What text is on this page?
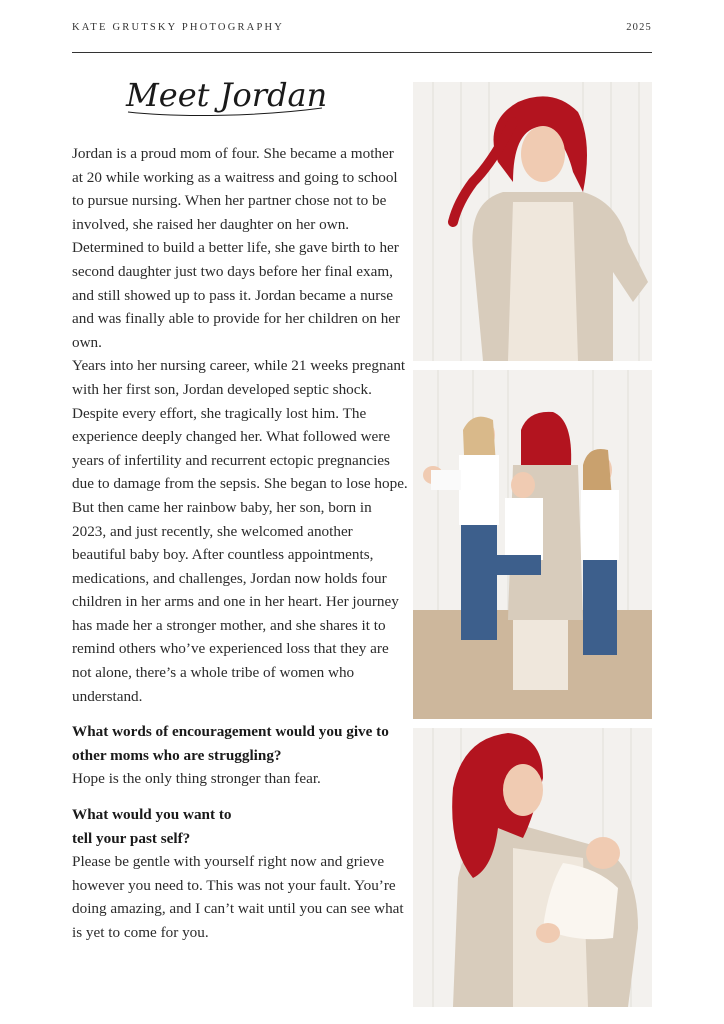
KATE GRUTSKY PHOTOGRAPHY	2025
Meet Jordan

Jordan is a proud mom of four. She became a mother at 20 while working as a waitress and going to school to pursue nursing. When her partner chose not to be involved, she raised her daughter on her own. Determined to build a better life, she gave birth to her second daughter just two days before her final exam, and still showed up to pass it. Jordan became a nurse and was finally able to provide for her children on her own.

Years into her nursing career, while 21 weeks pregnant with her first son, Jordan developed septic shock. Despite every effort, she tragically lost him. The experience deeply changed her. What followed were years of infertility and recurrent ectopic pregnancies due to damage from the sepsis. She began to lose hope.

But then came her rainbow baby, her son, born in 2023, and just recently, she welcomed another beautiful baby boy. After countless appointments, medications, and challenges, Jordan now holds four children in her arms and one in her heart. Her journey has made her a stronger mother, and she shares it to remind others who’ve experienced loss that they are not alone, there’s a whole tribe of women who understand.

What words of encouragement would you give to other moms who are struggling?

Hope is the only thing stronger than fear.

What would you want to
tell your past self?

Please be gentle with yourself right now and grieve however you need to. This was not your fault. You’re doing amazing, and I can’t wait until you can see what is yet to come for you.
